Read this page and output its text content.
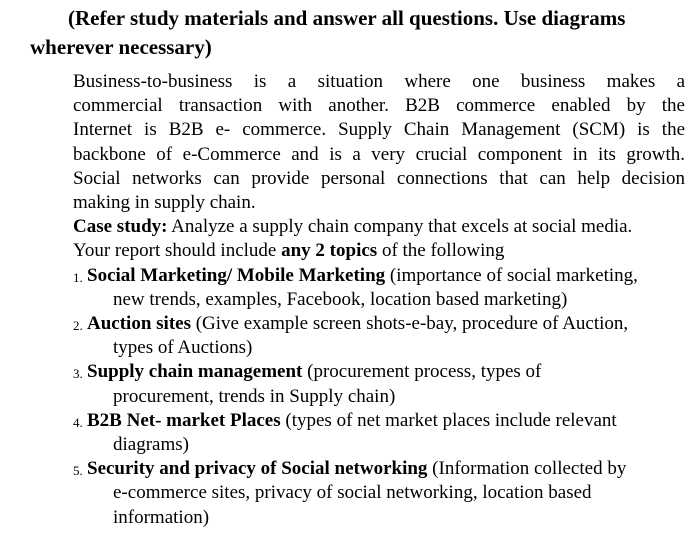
(Refer study materials and answer all questions. Use diagrams
wherever necessary)
Business-to-business is a situation where one business makes a
commercial transaction with another. B2B commerce enabled by the
Internet is B2B e- commerce. Supply Chain Management (SCM) is the
backbone of e-Commerce and is a very crucial component in its growth.
Social networks can provide personal connections that can help decision
making in supply chain.
Case study: Analyze a supply chain company that excels at social media.
Your report should include any 2 topics of the following
1. Social Marketing/ Mobile Marketing (importance of social marketing,
new trends, examples, Facebook, location based marketing)
2. Auction sites (Give example screen shots-e-bay, procedure of Auction,
types of Auctions)
3. Supply chain management (procurement process, types of
procurement, trends in Supply chain)
4. B2B Net- market Places (types of net market places include relevant
diagrams)
5. Security and privacy of Social networking (Information collected by
e-commerce sites, privacy of social networking, location based
information)
